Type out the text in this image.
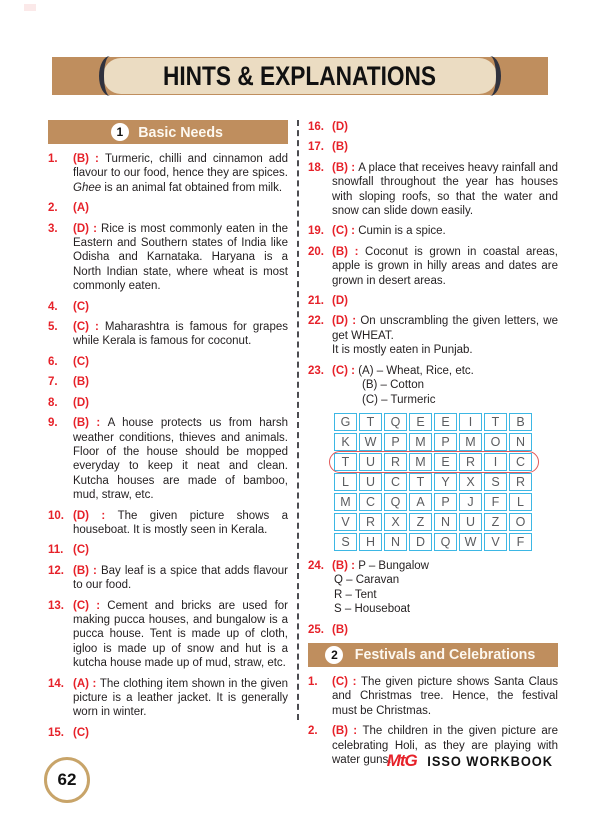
HINTS & EXPLANATIONS
1 Basic Needs
1.	(B) : Turmeric, chilli and cinnamon add flavour to our food, hence they are spices. Ghee is an animal fat obtained from milk.
2.	(A)
3.	(D) : Rice is most commonly eaten in the Eastern and Southern states of India like Odisha and Karnataka. Haryana is a North Indian state, where wheat is most commonly eaten.
4.	(C)
5.	(C) : Maharashtra is famous for grapes while Kerala is famous for coconut.
6.	(C)
7.	(B)
8.	(D)
9.	(B) : A house protects us from harsh weather conditions, thieves and animals. Floor of the house should be mopped everyday to keep it neat and clean. Kutcha houses are made of bamboo, mud, straw, etc.
10. (D) : The given picture shows a houseboat. It is mostly seen in Kerala.
11. (C)
12. (B) : Bay leaf is a spice that adds flavour to our food.
13. (C) : Cement and bricks are used for making pucca houses, and bungalow is a pucca house. Tent is made up of cloth, igloo is made up of snow and hut is a kutcha house made up of mud, straw, etc.
14. (A) : The clothing item shown in the given picture is a leather jacket. It is generally worn in winter.
15. (C)
16. (D)
17. (B)
18. (B) : A place that receives heavy rainfall and snowfall throughout the year has houses with sloping roofs, so that the water and snow can slide down easily.
19. (C) : Cumin is a spice.
20. (B) : Coconut is grown in coastal areas, apple is grown in hilly areas and dates are grown in desert areas.
21. (D)
22. (D) : On unscrambling the given letters, we get WHEAT.
It is mostly eaten in Punjab.
23. (C) : (A) – Wheat, Rice, etc.
(B) – Cotton
(C) – Turmeric
G	T	Q	E	E	I	T	B
K	W	P	M	P	M	O	N
T	U	R	M	E	R	I	C
L	U	C	T	Y	X	S	R
M	C	Q	A	P	J	F	L
V	R	X	Z	N	U	Z	O
S	H	N	D	Q	W	V	F
24. (B) : P – Bungalow
Q – Caravan
R – Tent
S – Houseboat
25. (B)
2	Festivals and Celebrations
1.	(C) : The given picture shows Santa Claus and Christmas tree. Hence, the festival must be Christmas.
2.	(B) : The children in the given picture are celebrating Holi, as they are playing with water guns.
62
MtG ISSO WORKBOOK
